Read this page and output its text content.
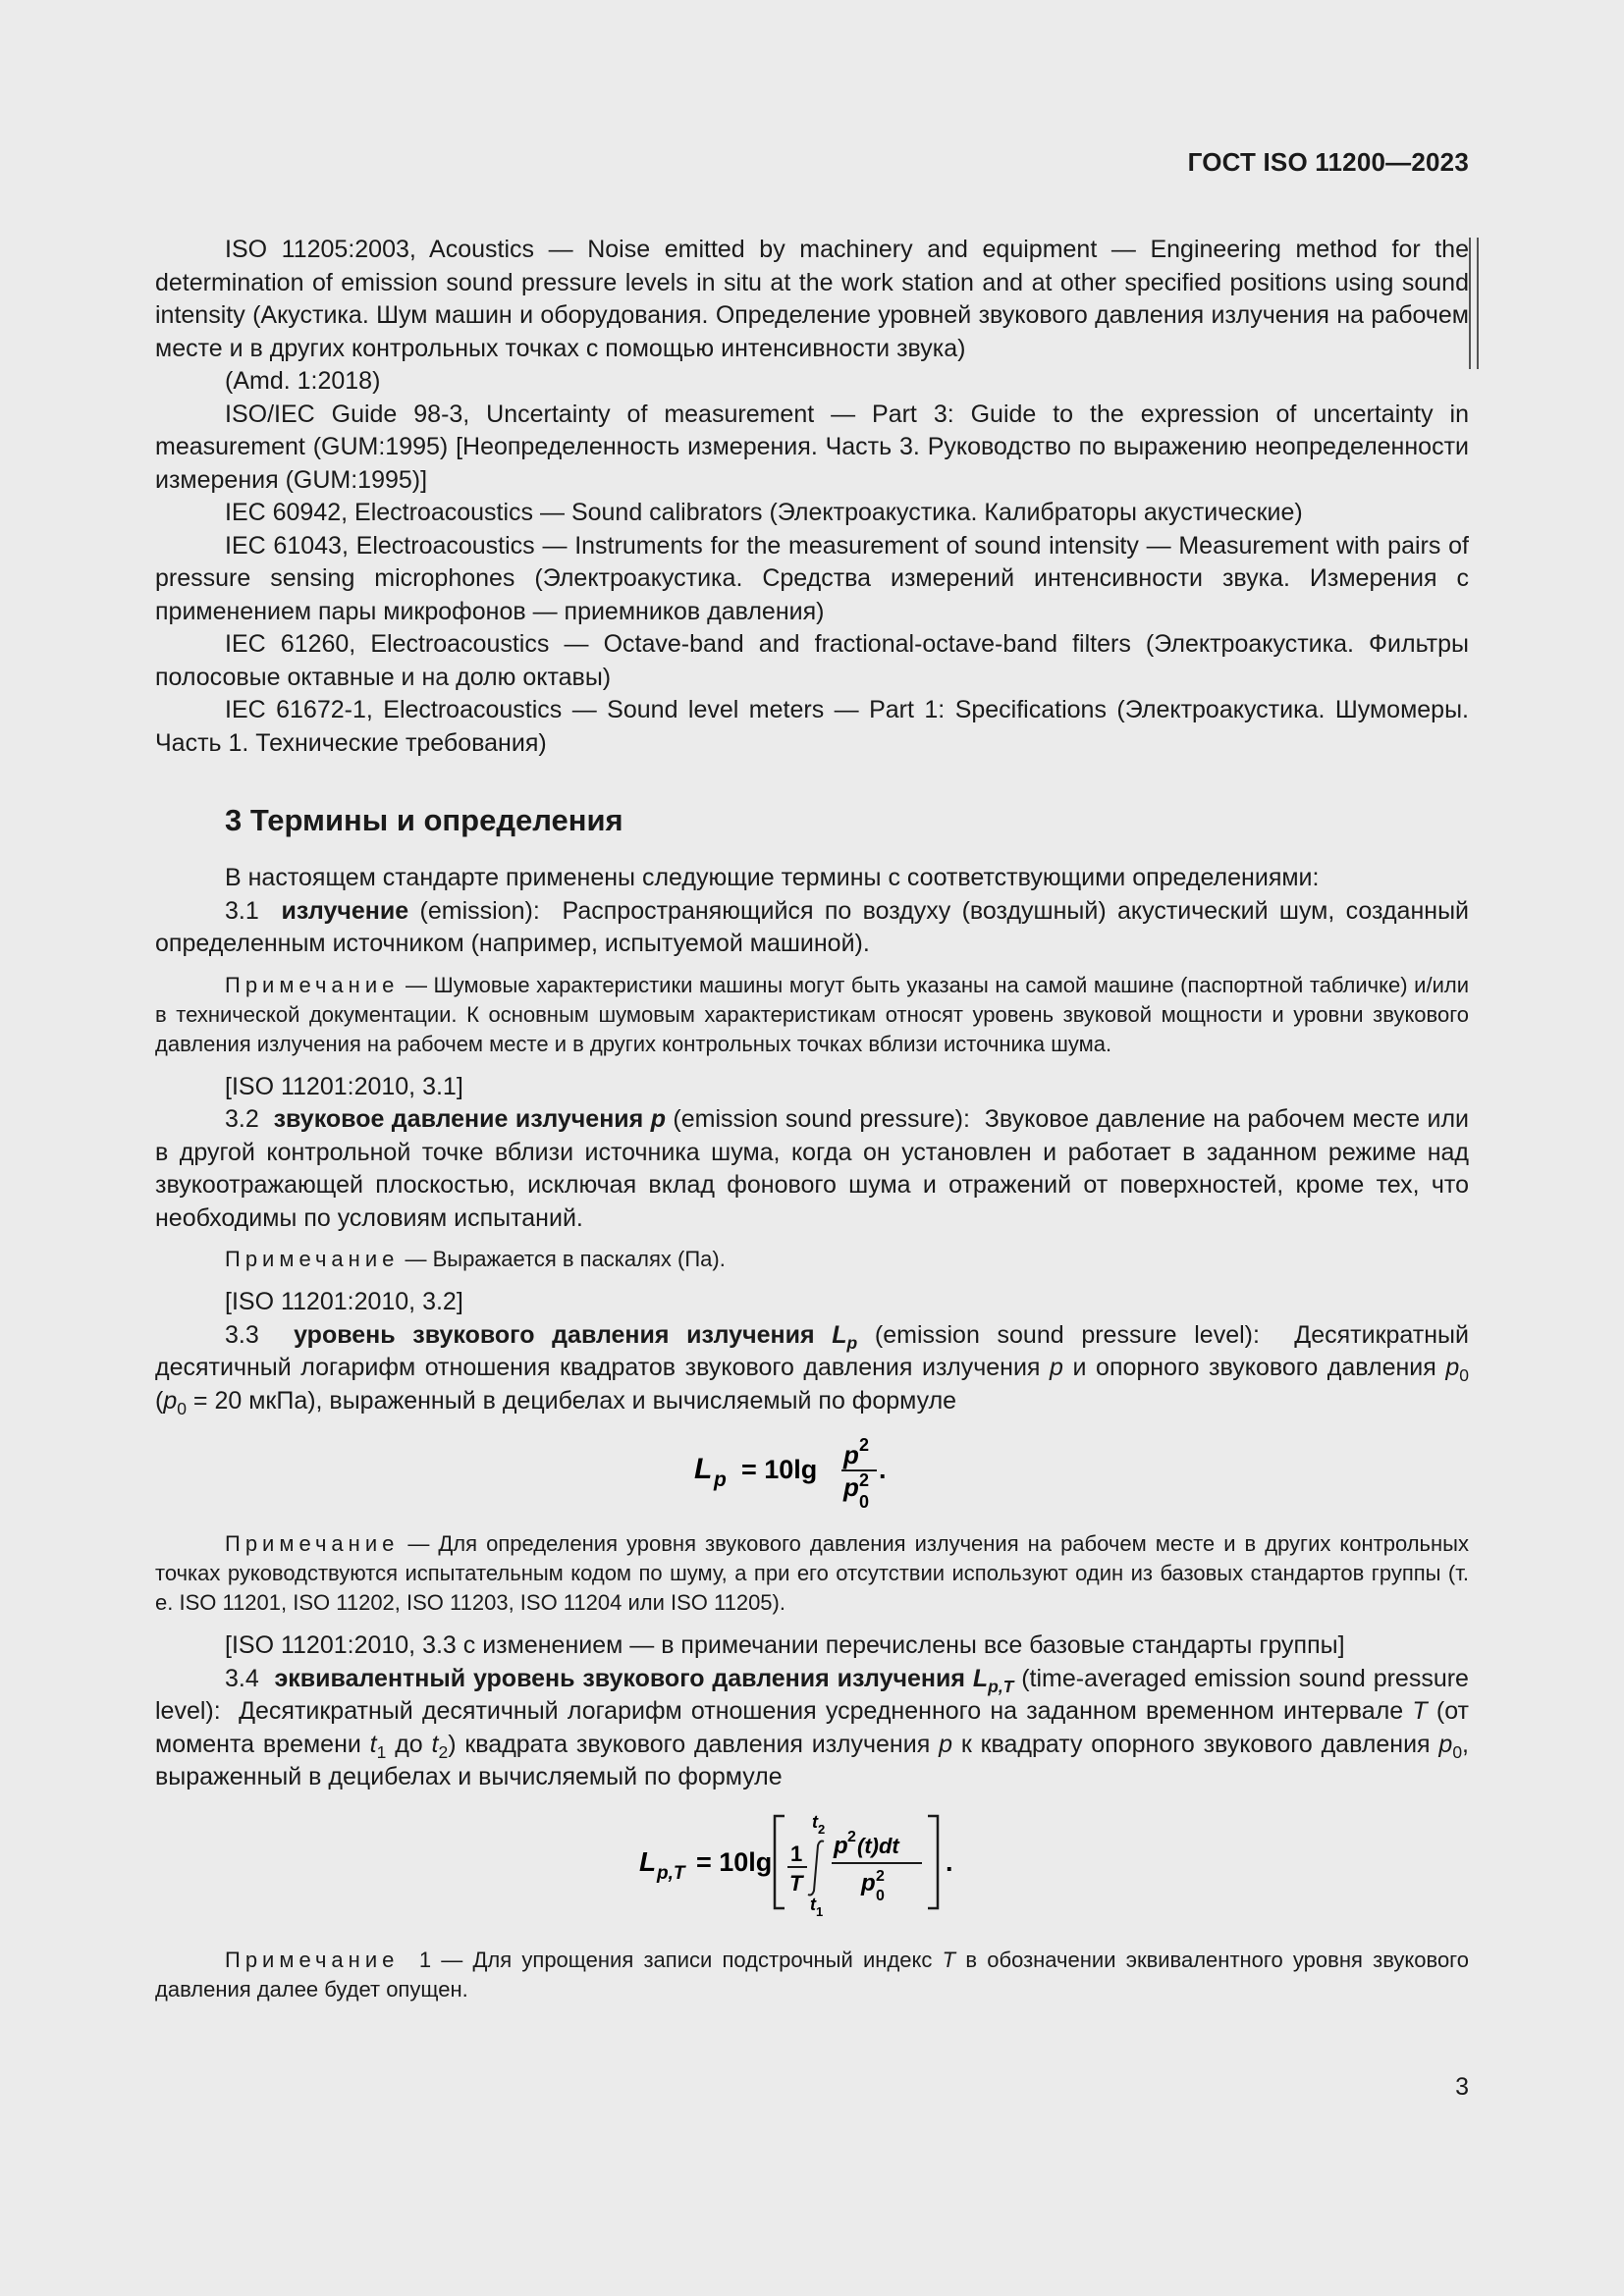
ГОСТ ISO 11200—2023

ISO 11205:2003, Acoustics — Noise emitted by machinery and equipment — Engineering method for the determination of emission sound pressure levels in situ at the work station and at other specified positions using sound intensity (Акустика. Шум машин и оборудования. Определение уровней звукового давления излучения на рабочем месте и в других контрольных точках с помощью интенсивности звука)

(Amd. 1:2018)

ISO/IEC Guide 98-3, Uncertainty of measurement — Part 3: Guide to the expression of uncertainty in measurement (GUM:1995) [Неопределенность измерения. Часть 3. Руководство по выражению неопределенности измерения (GUM:1995)]

IEC 60942, Electroacoustics — Sound calibrators (Электроакустика. Калибраторы акустические)

IEC 61043, Electroacoustics — Instruments for the measurement of sound intensity — Measurement with pairs of pressure sensing microphones (Электроакустика. Средства измерений интенсивности звука. Измерения с применением пары микрофонов — приемников давления)

IEC 61260, Electroacoustics — Octave-band and fractional-octave-band filters (Электроакустика. Фильтры полосовые октавные и на долю октавы)

IEC 61672-1, Electroacoustics — Sound level meters — Part 1: Specifications (Электроакустика. Шумомеры. Часть 1. Технические требования)

3 Термины и определения

В настоящем стандарте применены следующие термины с соответствующими определениями:

3.1 излучение (emission): Распространяющийся по воздуху (воздушный) акустический шум, созданный определенным источником (например, испытуемой машиной).

Примечание — Шумовые характеристики машины могут быть указаны на самой машине (паспортной табличке) и/или в технической документации. К основным шумовым характеристикам относят уровень звуковой мощности и уровни звукового давления излучения на рабочем месте и в других контрольных точках вблизи источника шума.

[ISO 11201:2010, 3.1]

3.2 звуковое давление излучения p (emission sound pressure): Звуковое давление на рабочем месте или в другой контрольной точке вблизи источника шума, когда он установлен и работает в заданном режиме над звукоотражающей плоскостью, исключая вклад фонового шума и отражений от поверхностей, кроме тех, что необходимы по условиям испытаний.

Примечание — Выражается в паскалях (Па).

[ISO 11201:2010, 3.2]

3.3 уровень звукового давления излучения $L_p$ (emission sound pressure level): Десятикратный десятичный логарифм отношения квадратов звукового давления излучения p и опорного звукового давления $p_0$ ($p_0 = 20$ мкПа), выраженный в децибелах и вычисляемый по формуле

L p = 10lg p 2
p 2
0
.
Примечание — Для определения уровня звукового давления излучения на рабочем месте и в других контрольных точках руководствуются испытательным кодом по шуму, а при его отсутствии используют один из базовых стандартов группы (т. е. ISO 11201, ISO 11202, ISO 11203, ISO 11204 или ISO 11205).

[ISO 11201:2010, 3.3 с изменением — в примечании перечислены все базовые стандарты группы]

3.4 эквивалентный уровень звукового давления излучения $L_{p,T}$ (time-averaged emission sound pressure level): Десятикратный десятичный логарифм отношения усредненного на заданном временном интервале T (от момента времени $t_1$ до $t_2$) квадрата звукового давления излучения p к квадрату опорного звукового давления $p_0$, выраженный в децибелах и вычисляемый по формуле

L p,T = 10lg 1
T
t 2
t 1
p 2 (t)dt
p 2
0
.
Примечание 1 — Для упрощения записи подстрочный индекс T в обозначении эквивалентного уровня звукового давления далее будет опущен.
3
